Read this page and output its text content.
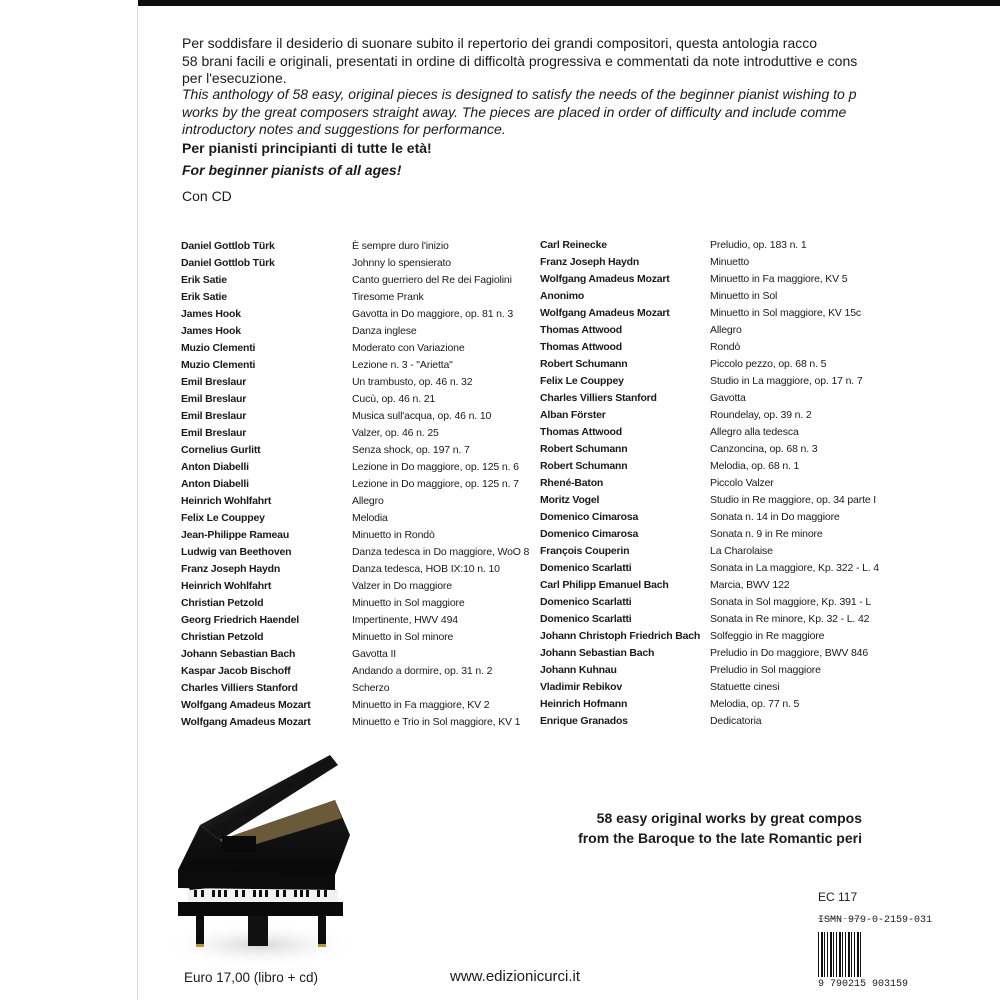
Per soddisfare il desiderio di suonare subito il repertorio dei grandi compositori, questa antologia racco
58 brani facili e originali, presentati in ordine di difficoltà progressiva e commentati da note introduttive e cons
per l'esecuzione.
This anthology of 58 easy, original pieces is designed to satisfy the needs of the beginner pianist wishing to p
works by the great composers straight away. The pieces are placed in order of difficulty and include comme
introductory notes and suggestions for performance.
Per pianisti principianti di tutte le età!
For beginner pianists of all ages!
Con CD
Daniel Gottlob Türk
Daniel Gottlob Türk
Erik Satie
Erik Satie
James Hook
James Hook
Muzio Clementi
Muzio Clementi
Emil Breslaur
Emil Breslaur
Emil Breslaur
Emil Breslaur
Cornelius Gurlitt
Anton Diabelli
Anton Diabelli
Heinrich Wohlfahrt
Felix Le Couppey
Jean-Philippe Rameau
Ludwig van Beethoven
Franz Joseph Haydn
Heinrich Wohlfahrt
Christian Petzold
Georg Friedrich Haendel
Christian Petzold
Johann Sebastian Bach
Kaspar Jacob Bischoff
Charles Villiers Stanford
Wolfgang Amadeus Mozart
Wolfgang Amadeus Mozart
È sempre duro l'inizio
Johnny lo spensierato
Canto guerriero del Re dei Fagiolini
Tiresome Prank
Gavotta in Do maggiore, op. 81 n. 3
Danza inglese
Moderato con Variazione
Lezione n. 3 - "Arietta"
Un trambusto, op. 46 n. 32
Cucù, op. 46 n. 21
Musica sull'acqua, op. 46 n. 10
Valzer, op. 46 n. 25
Senza shock, op. 197 n. 7
Lezione in Do maggiore, op. 125 n. 6
Lezione in Do maggiore, op. 125 n. 7
Allegro
Melodia
Minuetto in Rondò
Danza tedesca in Do maggiore, WoO 8
Danza tedesca, HOB IX:10 n. 10
Valzer in Do maggiore
Minuetto in Sol maggiore
Impertinente, HWV 494
Minuetto in Sol minore
Gavotta II
Andando a dormire, op. 31 n. 2
Scherzo
Minuetto in Fa maggiore, KV 2
Minuetto e Trio in Sol maggiore, KV 1
Carl Reinecke
Franz Joseph Haydn
Wolfgang Amadeus Mozart
Anonimo
Wolfgang Amadeus Mozart
Thomas Attwood
Thomas Attwood
Robert Schumann
Felix Le Couppey
Charles Villiers Stanford
Alban Förster
Thomas Attwood
Robert Schumann
Robert Schumann
Rhené-Baton
Moritz Vogel
Domenico Cimarosa
Domenico Cimarosa
François Couperin
Domenico Scarlatti
Carl Philipp Emanuel Bach
Domenico Scarlatti
Domenico Scarlatti
Johann Christoph Friedrich Bach
Johann Sebastian Bach
Johann Kuhnau
Vladimir Rebikov
Heinrich Hofmann
Enrique Granados
Preludio, op. 183 n. 1
Minuetto
Minuetto in Fa maggiore, KV 5
Minuetto in Sol
Minuetto in Sol maggiore, KV 15c
Allegro
Rondò
Piccolo pezzo, op. 68 n. 5
Studio in La maggiore, op. 17 n. 7
Gavotta
Roundelay, op. 39 n. 2
Allegro alla tedesca
Canzoncina, op. 68 n. 3
Melodia, op. 68 n. 1
Piccolo Valzer
Studio in Re maggiore, op. 34 parte I
Sonata n. 14 in Do maggiore
Sonata n. 9 in Re minore
La Charolaise
Sonata in La maggiore, Kp. 322 - L. 4
Marcia, BWV 122
Sonata in Sol maggiore, Kp. 391 - L
Sonata in Re minore, Kp. 32 - L. 42
Solfeggio in Re maggiore
Preludio in Do maggiore, BWV 846
Preludio in Sol maggiore
Statuette cinesi
Melodia, op. 77 n. 5
Dedicatoria
58 easy original works by great compos
from the Baroque to the late Romantic peri
EC 117
ISMN 979-0-2159-031
9 790215 903159
Euro 17,00 (libro + cd)	www.edizionicurci.it
